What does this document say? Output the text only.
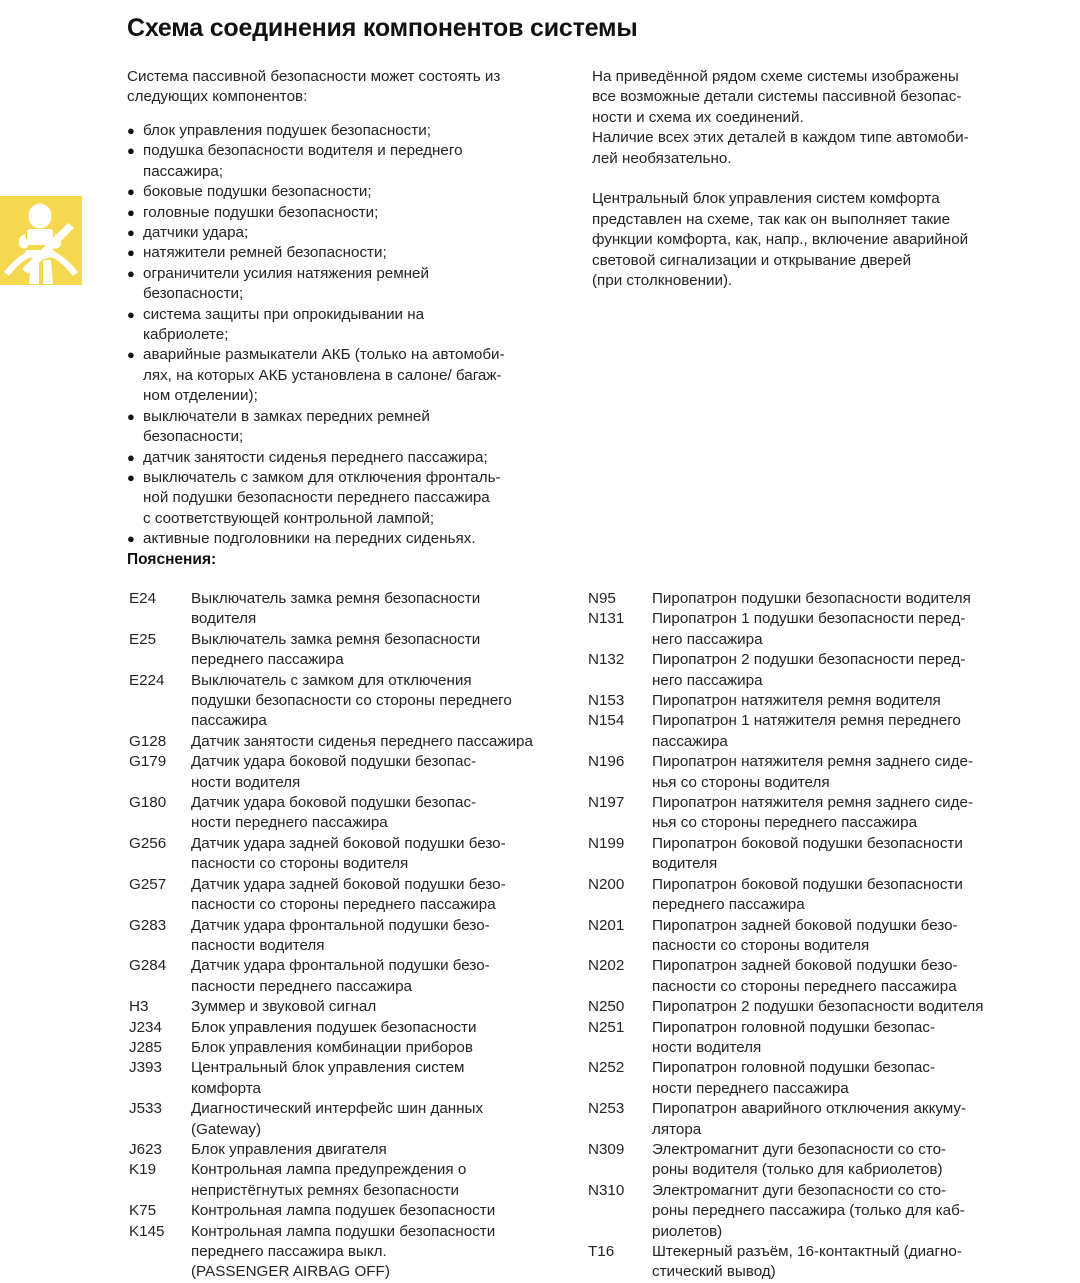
Схема соединения компонентов системы
Система пассивной безопасности может состоять из
следующих компонентов:
На приведённой рядом схеме системы изображены
все возможные детали системы пассивной безопас-
ности и схема их соединений.
Наличие всех этих деталей в каждом типе автомоби-
лей необязательно.
Центральный блок управления систем комфорта
представлен на схеме, так как он выполняет такие
функции комфорта, как, напр., включение аварийной
световой сигнализации и открывание дверей
(при столкновении).
● блок управления подушек безопасности;
● подушка безопасности водителя и переднего
пассажира;
● боковые подушки безопасности;
● головные подушки безопасности;
● датчики удара;
● натяжители ремней безопасности;
● ограничители усилия натяжения ремней
безопасности;
● система защиты при опрокидывании на
кабриолете;
● аварийные размыкатели АКБ (только на автомоби-
лях, на которых АКБ установлена в салоне/ багаж-
ном отделении);
● выключатели в замках передних ремней
безопасности;
● датчик занятости сиденья переднего пассажира;
● выключатель с замком для отключения фронталь-
ной подушки безопасности переднего пассажира
с соответствующей контрольной лампой;
● активные подголовники на передних сиденьях.
Пояснения:
E24	Выключатель замка ремня безопасности
водителя
E25	Выключатель замка ремня безопасности
переднего пассажира
E224	Выключатель с замком для отключения
подушки безопасности со стороны переднего
пассажира
G128	Датчик занятости сиденья переднего пассажира
G179	Датчик удара боковой подушки безопас-
ности водителя
G180	Датчик удара боковой подушки безопас-
ности переднего пассажира
G256	Датчик удара задней боковой подушки безо-
пасности со стороны водителя
G257	Датчик удара задней боковой подушки безо-
пасности со стороны переднего пассажира
G283	Датчик удара фронтальной подушки безо-
пасности водителя
G284	Датчик удара фронтальной подушки безо-
пасности переднего пассажира
H3	Зуммер и звуковой сигнал
J234	Блок управления подушек безопасности
J285	Блок управления комбинации приборов
J393	Центральный блок управления систем
комфорта
J533	Диагностический интерфейс шин данных
(Gateway)
J623	Блок управления двигателя
K19	Контрольная лампа предупреждения о
непристёгнутых ремнях безопасности
K75	Контрольная лампа подушек безопасности
K145	Контрольная лампа подушки безопасности
переднего пассажира выкл.
(PASSENGER AIRBAG OFF)
N95	Пиропатрон подушки безопасности водителя
N131	Пиропатрон 1 подушки безопасности перед-
него пассажира
N132	Пиропатрон 2 подушки безопасности перед-
него пассажира
N153	Пиропатрон натяжителя ремня водителя
N154	Пиропатрон 1 натяжителя ремня переднего
пассажира
N196	Пиропатрон натяжителя ремня заднего сиде-
нья со стороны водителя
N197	Пиропатрон натяжителя ремня заднего сиде-
нья со стороны переднего пассажира
N199	Пиропатрон боковой подушки безопасности
водителя
N200	Пиропатрон боковой подушки безопасности
переднего пассажира
N201	Пиропатрон задней боковой подушки безо-
пасности со стороны водителя
N202	Пиропатрон задней боковой подушки безо-
пасности со стороны переднего пассажира
N250	Пиропатрон 2 подушки безопасности водителя
N251	Пиропатрон головной подушки безопас-
ности водителя
N252	Пиропатрон головной подушки безопас-
ности переднего пассажира
N253	Пиропатрон аварийного отключения аккуму-
лятора
N309	Электромагнит дуги безопасности со сто-
роны водителя (только для кабриолетов)
N310	Электромагнит дуги безопасности со сто-
роны переднего пассажира (только для каб-
риолетов)
T16	Штекерный разъём, 16-контактный (диагно-
стический вывод)
